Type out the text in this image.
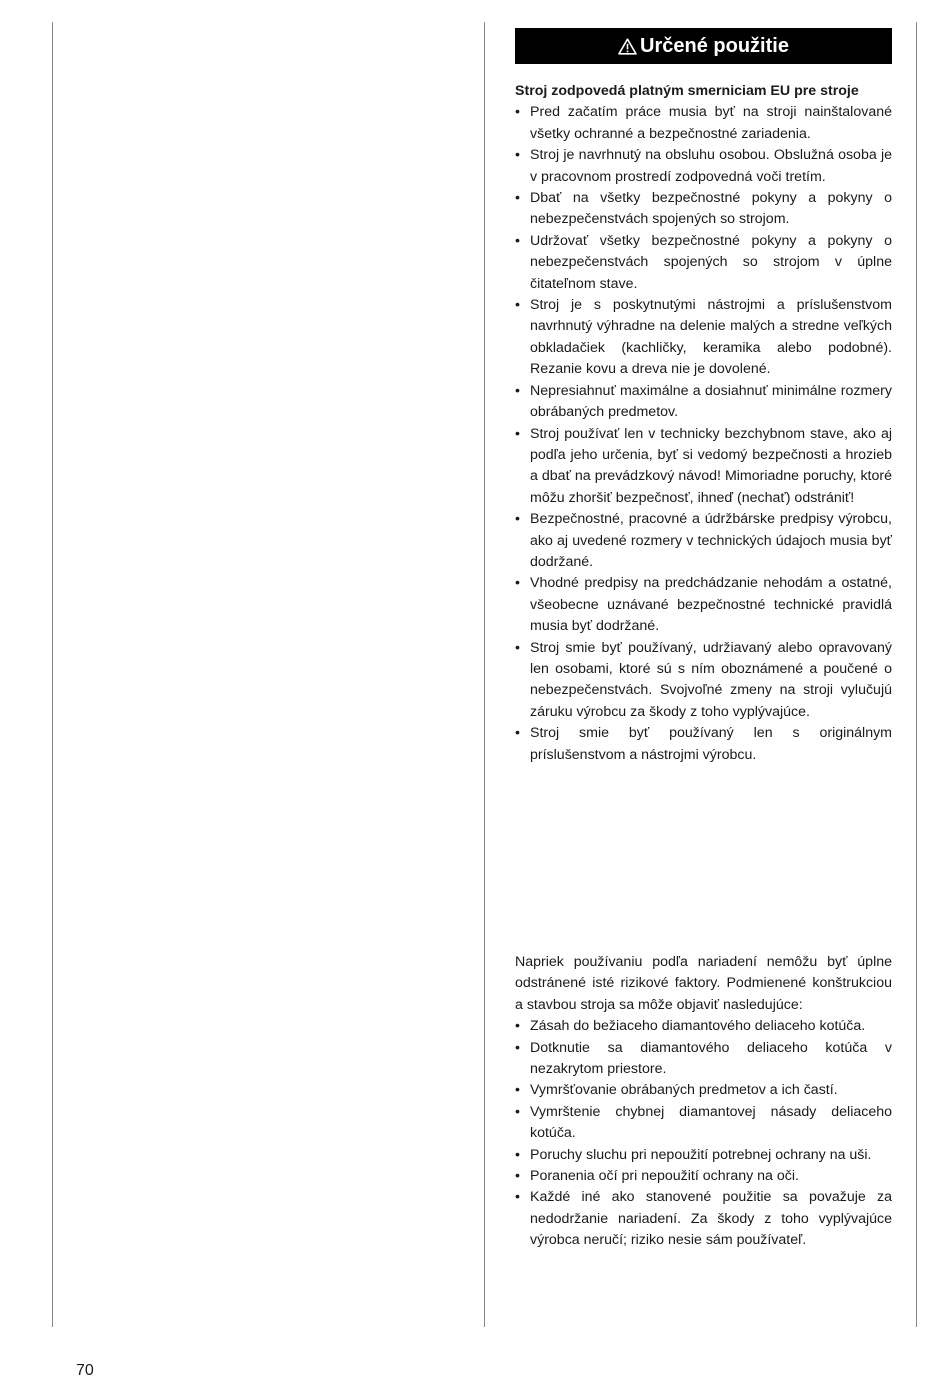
Určené použitie
Stroj zodpovedá platným smerniciam EU pre stroje
• Pred začatím práce musia byť na stroji nainštalované všetky ochranné a bezpečnostné zariadenia.
• Stroj je navrhnutý na obsluhu osobou. Obslužná osoba je v pracovnom prostredí zodpovedná voči tretím.
• Dbať na všetky bezpečnostné pokyny a pokyny o nebezpečenstvách spojených so strojom.
• Udržovať všetky bezpečnostné pokyny a pokyny o nebezpečenstvách spojených so strojom v úplne čitateľnom stave.
• Stroj je s poskytnutými nástrojmi a príslušenstvom navrhnutý výhradne na delenie malých a stredne veľkých obkladačiek (kachličky, keramika alebo podobné). Rezanie kovu a dreva nie je dovolené.
• Nepresiahnuť maximálne a dosiahnuť minimálne rozmery obrábaných predmetov.
• Stroj používať len v technicky bezchybnom stave, ako aj podľa jeho určenia, byť si vedomý bezpečnosti a hrozieb a dbať na prevádzkový návod! Mimoriadne poruchy, ktoré môžu zhoršiť bezpečnosť, ihneď (nechať) odstrániť!
• Bezpečnostné, pracovné a údržbárske predpisy výrobcu, ako aj uvedené rozmery v technických údajoch musia byť dodržané.
• Vhodné predpisy na predchádzanie nehodám a ostatné, všeobecne uznávané bezpečnostné technické pravidlá musia byť dodržané.
• Stroj smie byť používaný, udržiavaný alebo opravovaný len osobami, ktoré sú s ním oboznámené a poučené o nebezpečenstvách. Svojvoľné zmeny na stroji vylučujú záruku výrobcu za škody z toho vyplývajúce.
• Stroj smie byť používaný len s originálnym príslušenstvom a nástrojmi výrobcu.
Napriek používaniu podľa nariadení nemôžu byť úplne odstránené isté rizikové faktory. Podmienené konštrukciou a stavbou stroja sa môže objaviť nasledujúce:
• Zásah do bežiaceho diamantového deliaceho kotúča.
• Dotknutie sa diamantového deliaceho kotúča v nezakrytom priestore.
• Vymršťovanie obrábaných predmetov a ich častí.
• Vymrštenie chybnej diamantovej násady deliaceho kotúča.
• Poruchy sluchu pri nepoužití potrebnej ochrany na uši.
• Poranenia očí pri nepoužití ochrany na oči.
• Každé iné ako stanovené použitie sa považuje za nedodržanie nariadení. Za škody z toho vyplývajúce výrobca neručí; riziko nesie sám používateľ.
70
